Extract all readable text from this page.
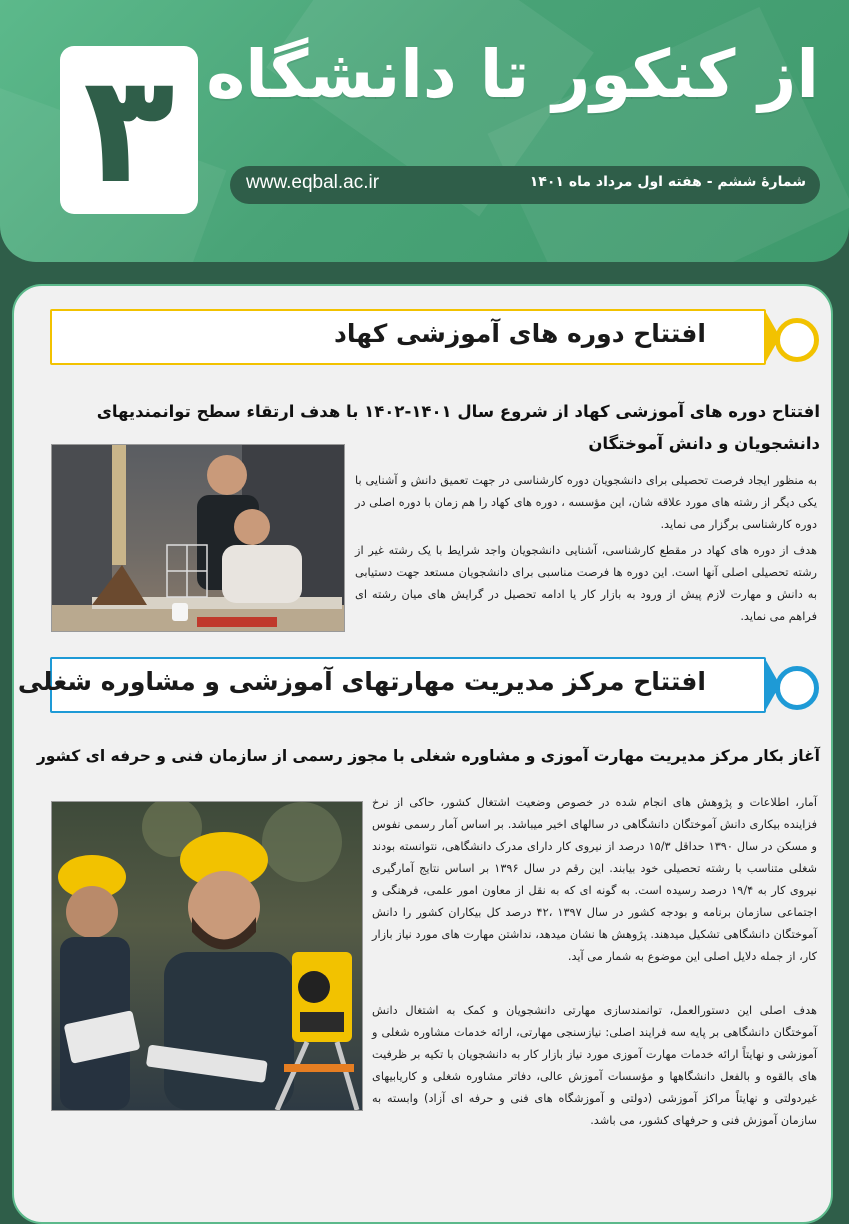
۳ از کنکور تا دانشگاه
شمارۀ ششم - هفته اول مرداد ماه ۱۴۰۱
www.eqbal.ac.ir
افتتاح دوره های آموزشی کهاد
افتتاح دوره های آموزشی کهاد از شروع سال ۱۴۰۱-۱۴۰۲ با هدف ارتقاء سطح توانمندیهای دانشجویان و دانش آموختگان
به منظور ایجاد فرصت تحصیلی برای دانشجویان دوره کارشناسی در جهت تعمیق دانش و آشنایی با یکی دیگر از رشته های مورد علاقه شان، این مؤسسه ، دوره های کهاد را هم زمان با دوره اصلی در دوره کارشناسی برگزار می نماید.
هدف از دوره های کهاد در مقطع کارشناسی، آشنایی دانشجویان واجد شرایط با یک رشته غیر از رشته تحصیلی اصلی آنها است. این دوره ها فرصت مناسبی برای دانشجویان مستعد جهت دستیابی به دانش و مهارت لازم پیش از ورود به بازار کار یا ادامه تحصیل در گرایش های میان رشته ای فراهم می نماید.
افتتاح مرکز مدیریت مهارتهای آموزشی و مشاوره شغلی
آغاز بکار مرکز مدیریت مهارت آموزی و مشاوره شغلی با مجوز رسمی از سازمان فنی و حرفه ای کشور
آمار، اطلاعات و پژوهش های انجام شده در خصوص وضعیت اشتغال کشور، حاکی از نرخ فزاینده بیکاری دانش آموختگان دانشگاهی در سالهای اخیر میباشد. بر اساس آمار رسمی نفوس و مسکن در سال ۱۳۹۰ حداقل ۱۵/۳ درصد از نیروی کار دارای مدرک دانشگاهی، نتوانسته بودند شغلی متناسب با رشته تحصیلی خود بیابند. این رقم در سال ۱۳۹۶ بر اساس نتایج آمارگیری نیروی کار به ۱۹/۴ درصد رسیده است. به گونه ای که به نقل از معاون امور علمی، فرهنگی و اجتماعی سازمان برنامه و بودجه کشور در سال ۱۳۹۷ ،۴۲ درصد کل بیکاران کشور را دانش آموختگان دانشگاهی تشکیل میدهند. پژوهش ها نشان میدهد، نداشتن مهارت های مورد نیاز بازار کار، از جمله دلایل اصلی این موضوع به شمار می آید.
هدف اصلی این دستورالعمل، توانمندسازی مهارتی دانشجویان و کمک به اشتغال دانش آموختگان دانشگاهی بر پایه سه فرایند اصلی: نیازسنجی مهارتی، ارائه خدمات مشاوره شغلی و آموزشی و نهایتاً ارائه خدمات مهارت آموزی مورد نیاز بازار کار به دانشجویان با تکیه بر ظرفیت های بالقوه و بالفعل دانشگاهها و مؤسسات آموزش عالی، دفاتر مشاوره شغلی و کاریابیهای غیردولتی و نهایتاً مراکز آموزشی (دولتی و آموزشگاه های فنی و حرفه ای آزاد) وابسته به سازمان آموزش فنی و حرفهای کشور، می باشد.
